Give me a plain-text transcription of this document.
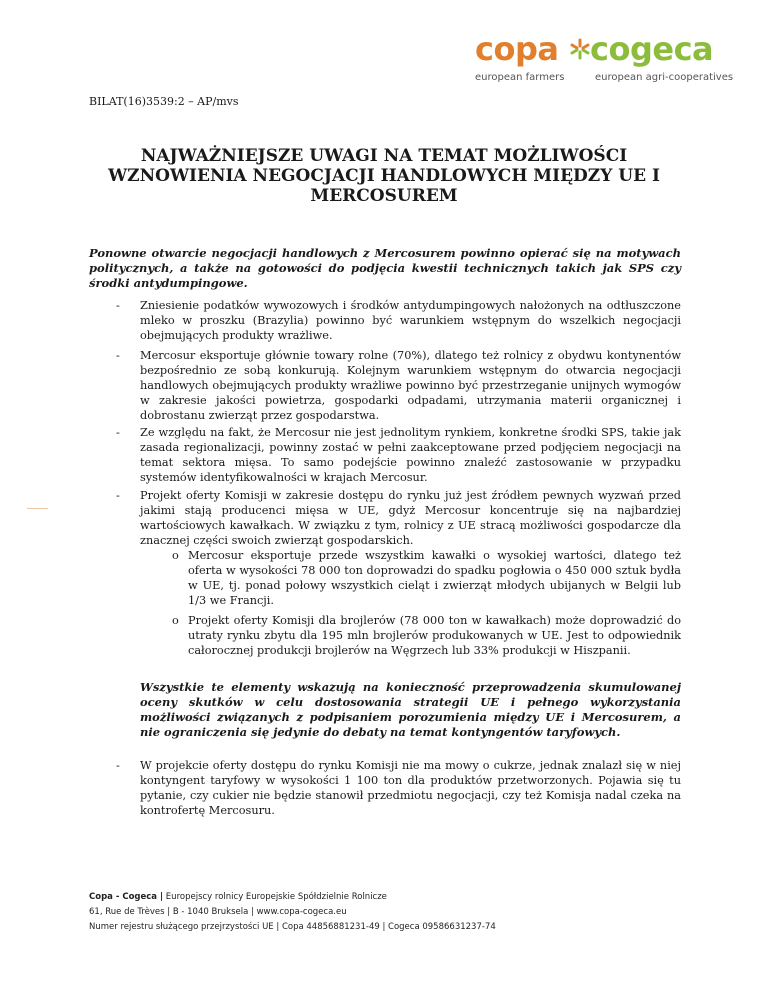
copa cogeca
european farmers	european agri-cooperatives
BILAT(16)3539:2 – AP/mvs
NAJWAŻNIEJSZE UWAGI NA TEMAT MOŻLIWOŚCI WZNOWIENIA NEGOCJACJI HANDLOWYCH MIĘDZY UE I MERCOSUREM
Ponowne otwarcie negocjacji handlowych z Mercosurem powinno opierać się na motywach politycznych, a także na gotowości do podjęcia kwestii technicznych takich jak SPS czy środki antydumpingowe.
- Zniesienie podatków wywozowych i środków antydumpingowych nałożonych na odtłuszczone mleko w proszku (Brazylia) powinno być warunkiem wstępnym do wszelkich negocjacji obejmujących produkty wrażliwe.
- Mercosur eksportuje głównie towary rolne (70%), dlatego też rolnicy z obydwu kontynentów bezpośrednio ze sobą konkurują. Kolejnym warunkiem wstępnym do otwarcia negocjacji handlowych obejmujących produkty wrażliwe powinno być przestrzeganie unijnych wymogów w zakresie jakości powietrza, gospodarki odpadami, utrzymania materii organicznej i dobrostanu zwierząt przez gospodarstwa.
- Ze względu na fakt, że Mercosur nie jest jednolitym rynkiem, konkretne środki SPS, takie jak zasada regionalizacji, powinny zostać w pełni zaakceptowane przed podjęciem negocjacji na temat sektora mięsa. To samo podejście powinno znaleźć zastosowanie w przypadku systemów identyfikowalności w krajach Mercosur.
- Projekt oferty Komisji w zakresie dostępu do rynku już jest źródłem pewnych wyzwań przed jakimi stają producenci mięsa w UE, gdyż Mercosur koncentruje się na najbardziej wartościowych kawałkach. W związku z tym, rolnicy z UE stracą możliwości gospodarcze dla znacznej części swoich zwierząt gospodarskich.
o Mercosur eksportuje przede wszystkim kawałki o wysokiej wartości, dlatego też oferta w wysokości 78 000 ton doprowadzi do spadku pogłowia o 450 000 sztuk bydła w UE, tj. ponad połowy wszystkich cieląt i zwierząt młodych ubijanych w Belgii lub 1/3 we Francji.
o Projekt oferty Komisji dla brojlerów (78 000 ton w kawałkach) może doprowadzić do utraty rynku zbytu dla 195 mln brojlerów produkowanych w UE. Jest to odpowiednik całorocznej produkcji brojlerów na Węgrzech lub 33% produkcji w Hiszpanii.
Wszystkie te elementy wskazują na konieczność przeprowadzenia skumulowanej oceny skutków w celu dostosowania strategii UE i pełnego wykorzystania możliwości związanych z podpisaniem porozumienia między UE i Mercosurem, a nie ograniczenia się jedynie do debaty na temat kontyngentów taryfowych.
- W projekcie oferty dostępu do rynku Komisji nie ma mowy o cukrze, jednak znalazł się w niej kontyngent taryfowy w wysokości 1 100 ton dla produktów przetworzonych. Pojawia się tu pytanie, czy cukier nie będzie stanowił przedmiotu negocjacji, czy też Komisja nadal czeka na kontrofertę Mercosuru.
Copa - Cogeca | Europejscy rolnicy Europejskie Spółdzielnie Rolnicze
61, Rue de Trèves | B - 1040 Bruksela | www.copa-cogeca.eu
Numer rejestru służącego przejrzystości UE | Copa 44856881231-49 | Cogeca 09586631237-74
